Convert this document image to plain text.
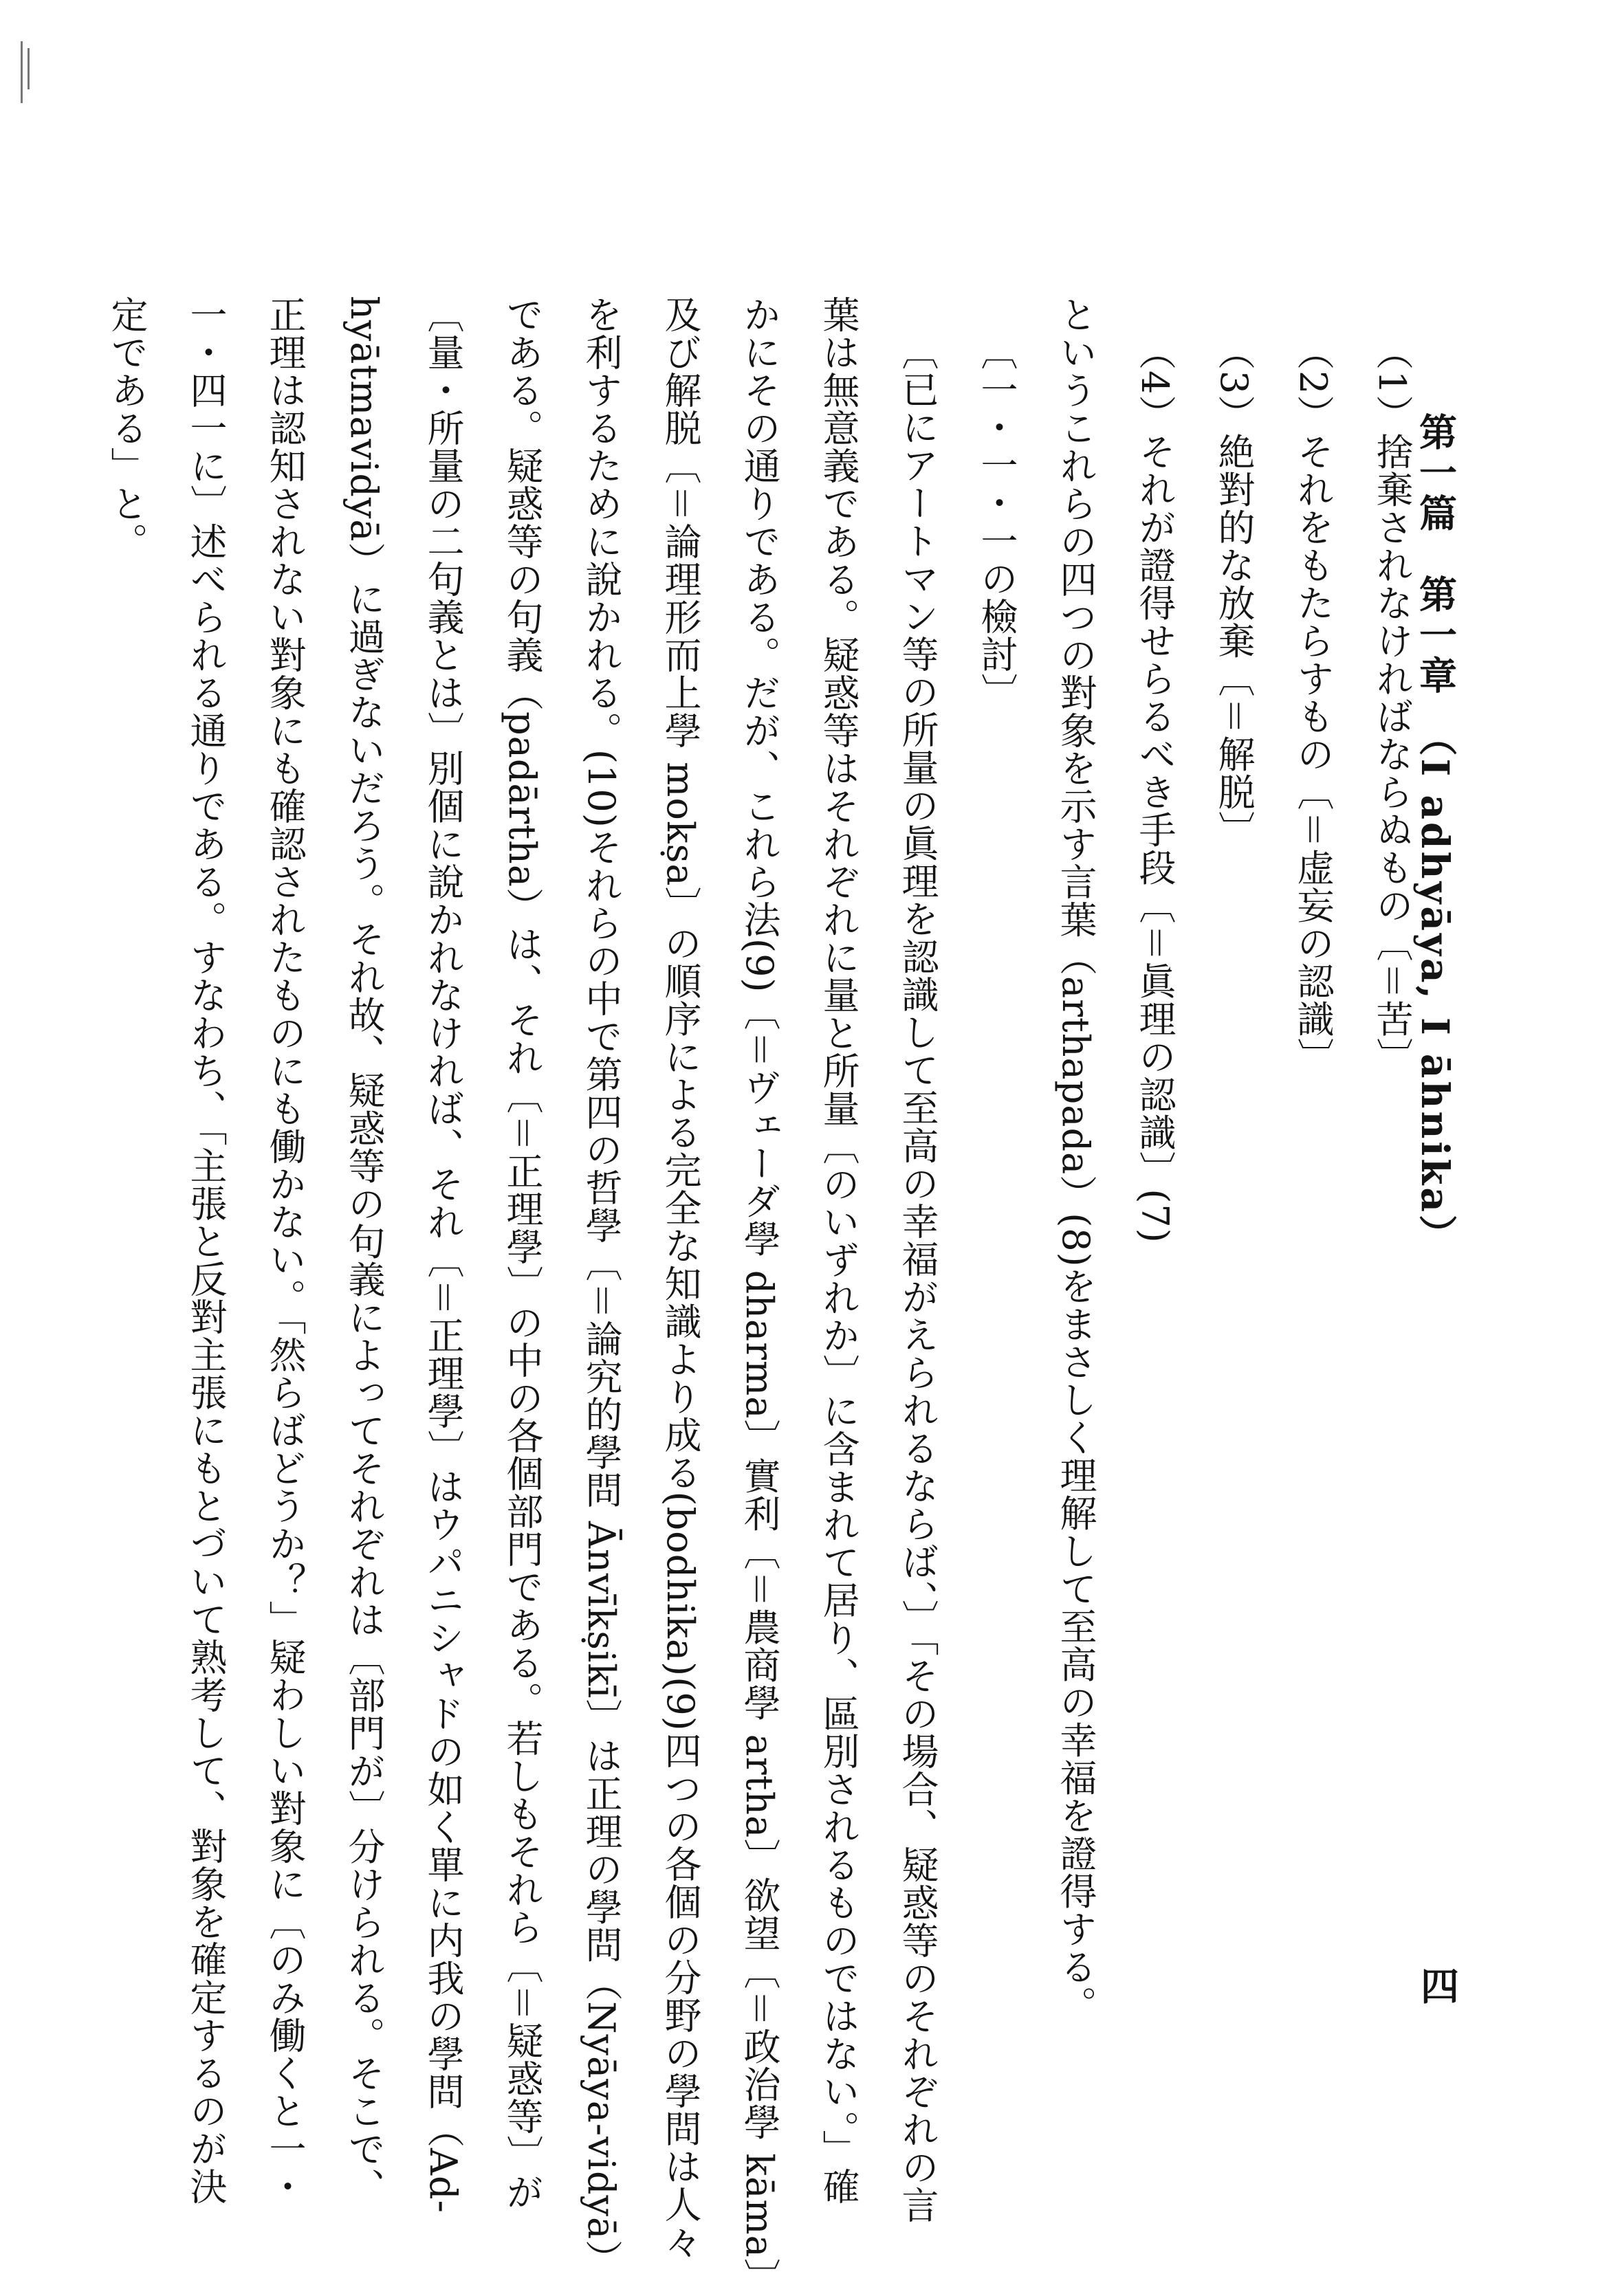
第一篇　第一章　（I adhyāya, I āhnika）
四
（1）捨棄されなければならぬもの〔＝苦〕
（2）それをもたらすもの〔＝虚妄の認識〕
（3）絶對的な放棄〔＝解脱〕
（4）それが證得せらるべき手段〔＝眞理の認識〕(7)
というこれらの四つの對象を示す言葉（arthapada）(8)をまさしく理解して至高の幸福を證得する。
〔一・一・一の檢討〕
〔已にアートマン等の所量の眞理を認識して至高の幸福がえられるならば、〕「その場合、疑惑等のそれぞれの言
葉は無意義である。疑惑等はそれぞれに量と所量〔のいずれか〕に含まれて居り、區別されるものではない。」確
かにその通りである。だが、これら法(9)〔＝ヴェーダ學 dharma〕實利〔＝農商學 artha〕欲望〔＝政治學 kāma〕
及び解脱〔＝論理形而上學 mokṣa〕の順序による完全な知識より成る(bodhika)(9)四つの各個の分野の學問は人々
を利するために說かれる。(10)それらの中で第四の哲學〔＝論究的學問 Ānvīkṣikī〕は正理の學問（Nyāya-vidyā）
である。疑惑等の句義（padārtha）は、それ〔＝正理學〕の中の各個部門である。若しもそれら〔＝疑惑等〕が
〔量・所量の二句義とは〕別個に說かれなければ、それ〔＝正理學〕はウパニシャドの如く單に内我の學問（Ad-
hyātmavidyā）に過ぎないだろう。それ故、疑惑等の句義によってそれぞれは〔部門が〕分けられる。そこで、
正理は認知されない對象にも確認されたものにも働かない。「然らばどうか？」疑わしい對象に〔のみ働くと一・
一・四一に〕述べられる通りである。すなわち、「主張と反對主張にもとづいて熟考して、對象を確定するのが決
定である」と。
